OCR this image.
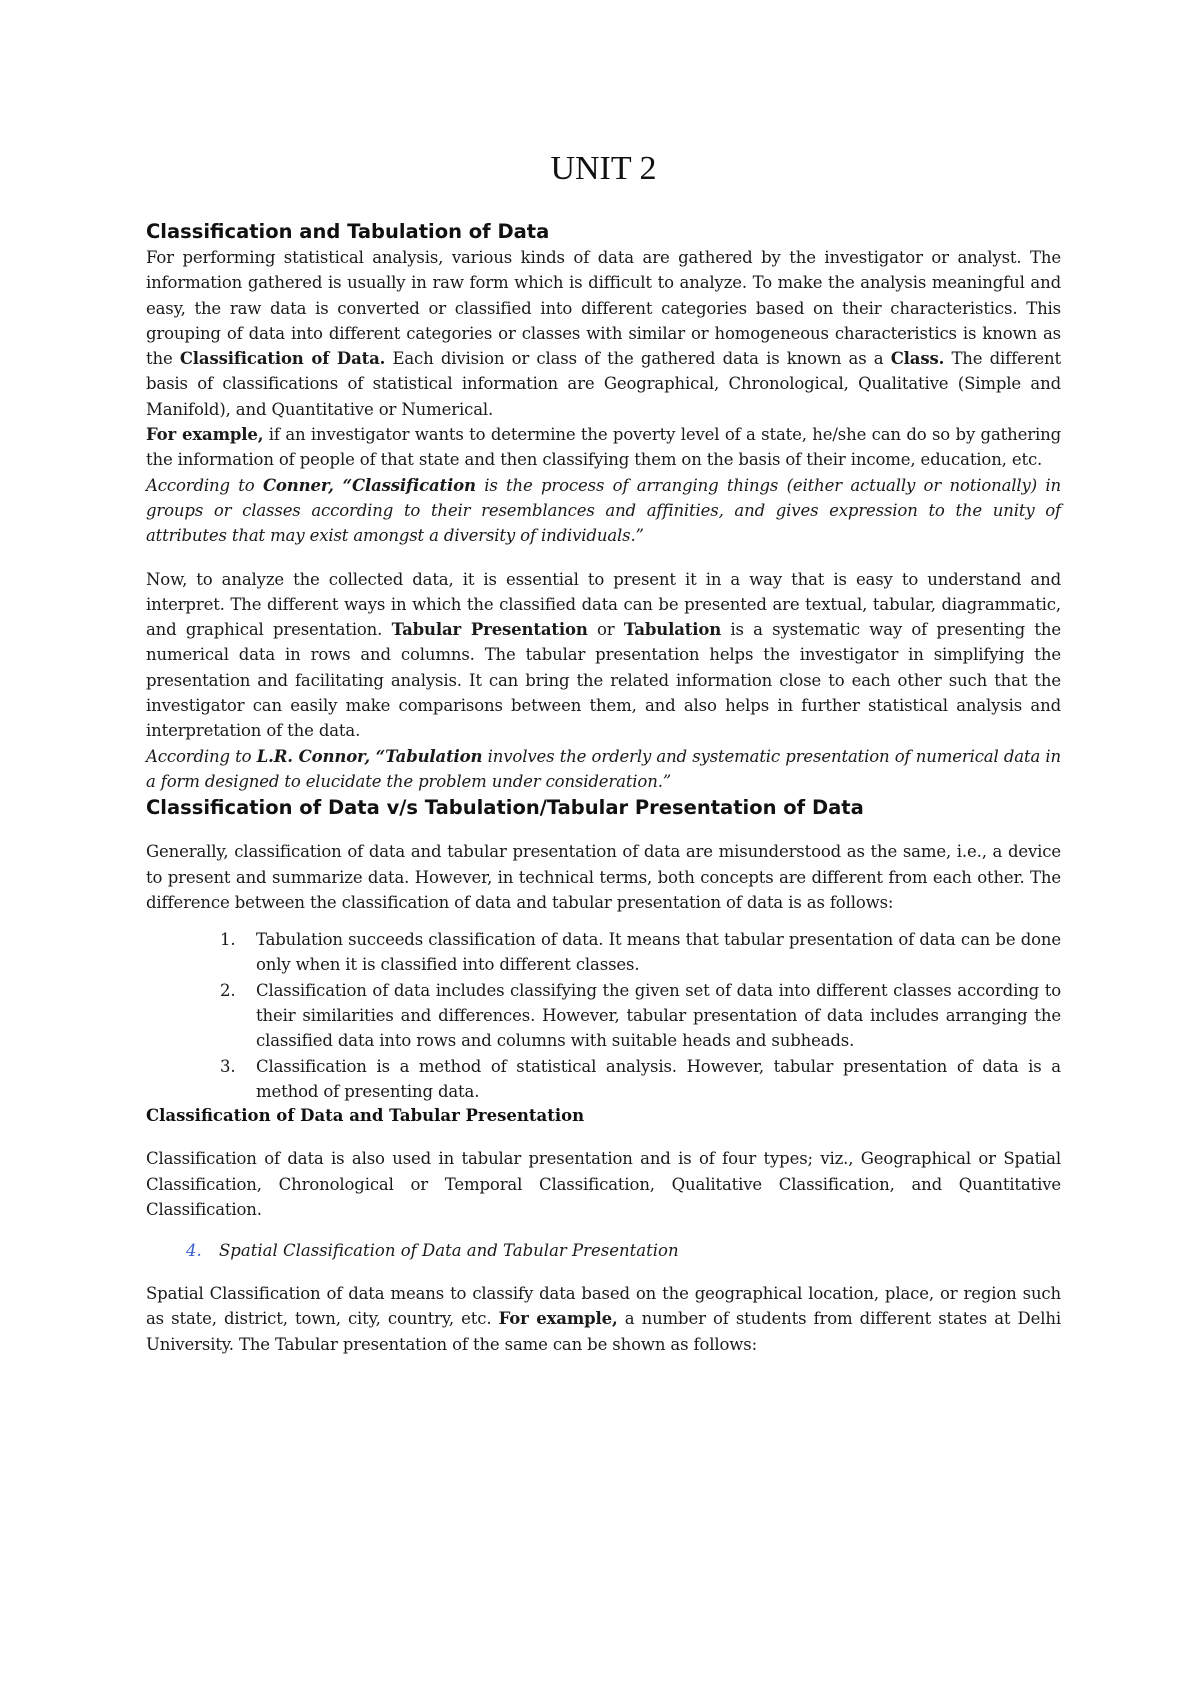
UNIT 2
Classification and Tabulation of Data

For performing statistical analysis, various kinds of data are gathered by the investigator or analyst. The information gathered is usually in raw form which is difficult to analyze. To make the analysis meaningful and easy, the raw data is converted or classified into different categories based on their characteristics. This grouping of data into different categories or classes with similar or homogeneous characteristics is known as the Classification of Data. Each division or class of the gathered data is known as a Class. The different basis of classifications of statistical information are Geographical, Chronological, Qualitative (Simple and Manifold), and Quantitative or Numerical.

For example, if an investigator wants to determine the poverty level of a state, he/she can do so by gathering the information of people of that state and then classifying them on the basis of their income, education, etc.

According to Conner, “Classification is the process of arranging things (either actually or notionally) in groups or classes according to their resemblances and affinities, and gives expression to the unity of attributes that may exist amongst a diversity of individuals.”

Now, to analyze the collected data, it is essential to present it in a way that is easy to understand and interpret. The different ways in which the classified data can be presented are textual, tabular, diagrammatic, and graphical presentation. Tabular Presentation or Tabulation is a systematic way of presenting the numerical data in rows and columns. The tabular presentation helps the investigator in simplifying the presentation and facilitating analysis. It can bring the related information close to each other such that the investigator can easily make comparisons between them, and also helps in further statistical analysis and interpretation of the data.

According to L.R. Connor, “Tabulation involves the orderly and systematic presentation of numerical data in a form designed to elucidate the problem under consideration.”

Classification of Data v/s Tabulation/Tabular Presentation of Data

Generally, classification of data and tabular presentation of data are misunderstood as the same, i.e., a device to present and summarize data. However, in technical terms, both concepts are different from each other. The difference between the classification of data and tabular presentation of data is as follows:

1. Tabulation succeeds classification of data. It means that tabular presentation of data can be done only when it is classified into different classes.
2. Classification of data includes classifying the given set of data into different classes according to their similarities and differences. However, tabular presentation of data includes arranging the classified data into rows and columns with suitable heads and subheads.
3. Classification is a method of statistical analysis. However, tabular presentation of data is a method of presenting data.
Classification of Data and Tabular Presentation

Classification of data is also used in tabular presentation and is of four types; viz., Geographical or Spatial Classification, Chronological or Temporal Classification, Qualitative Classification, and Quantitative Classification.

4. Spatial Classification of Data and Tabular Presentation

Spatial Classification of data means to classify data based on the geographical location, place, or region such as state, district, town, city, country, etc. For example, a number of students from different states at Delhi University. The Tabular presentation of the same can be shown as follows:
